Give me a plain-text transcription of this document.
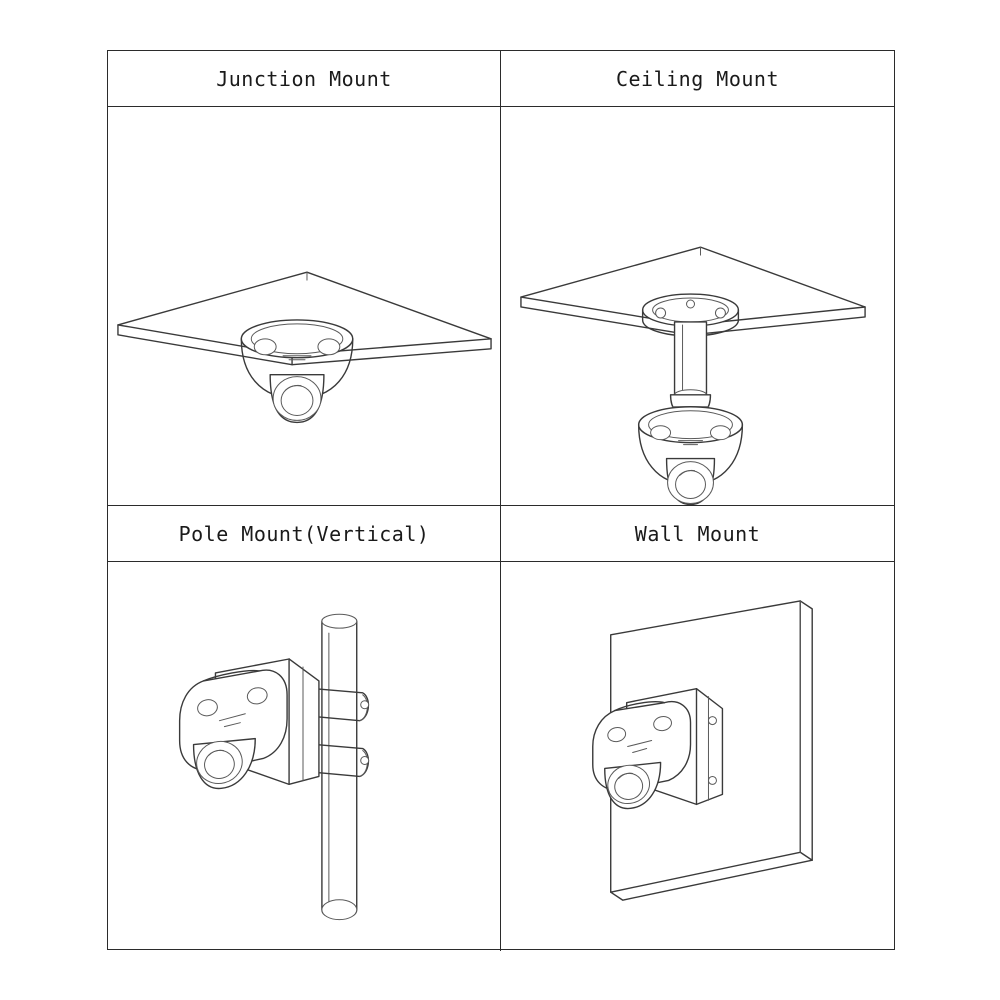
Junction Mount	Ceiling Mount
Pole Mount(Vertical)	Wall Mount
